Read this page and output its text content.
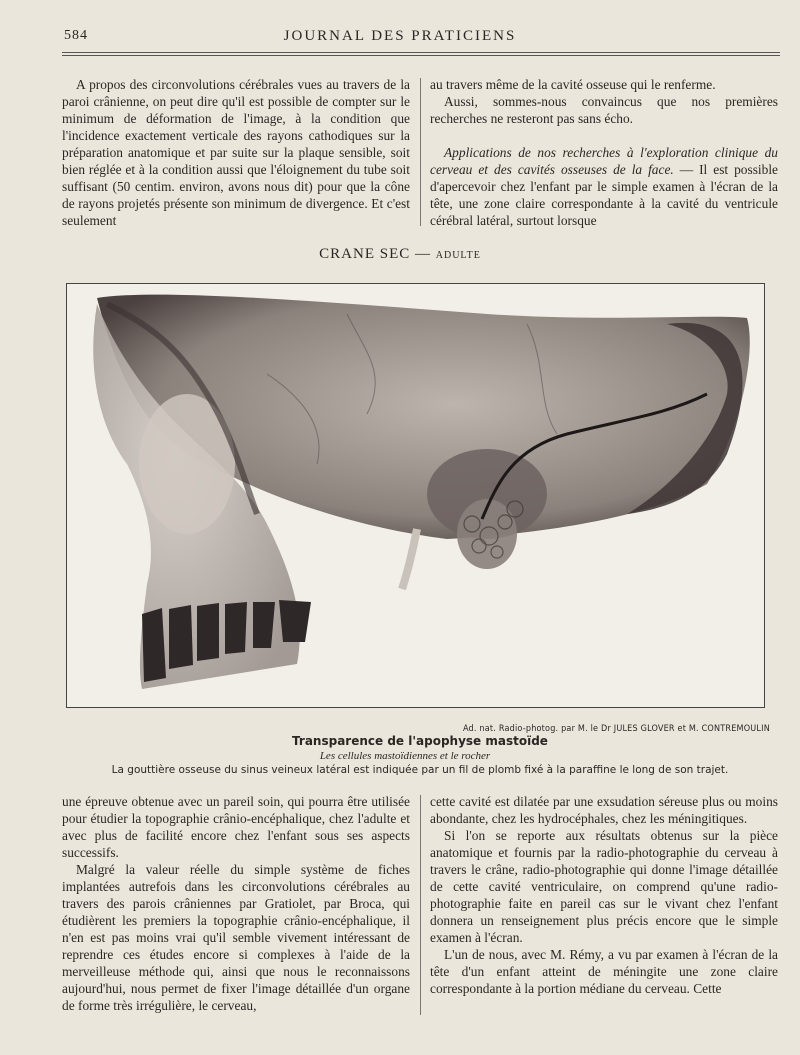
584	JOURNAL DES PRATICIENS

A propos des circonvolutions cérébrales vues au travers de la paroi crânienne, on peut dire qu'il est possible de compter sur le minimum de déformation de l'image, à la condition que l'incidence exactement verticale des rayons cathodiques sur la préparation anatomique et par suite sur la plaque sensible, soit bien réglée et à la condition aussi que l'éloignement du tube soit suffisant (50 centim. environ, avons nous dit) pour que la cône de rayons projetés présente son minimum de divergence. Et c'est seulement

au travers même de la cavité osseuse qui le renferme.

Aussi, sommes-nous convaincus que nos premières recherches ne resteront pas sans écho.

Applications de nos recherches à l'exploration clinique du cerveau et des cavités osseuses de la face. — Il est possible d'apercevoir chez l'enfant par le simple examen à l'écran de la tête, une zone claire correspondante à la cavité du ventricule cérébral latéral, surtout lorsque

CRANE SEC — ADULTE
Ad. nat. Radio-photog. par M. le Dr JULES GLOVER et M. CONTREMOULIN
Transparence de l'apophyse mastoïde
Les cellules mastoïdiennes et le rocher
La gouttière osseuse du sinus veineux latéral est indiquée par un fil de plomb fixé à la paraffine le long de son trajet.

une épreuve obtenue avec un pareil soin, qui pourra être utilisée pour étudier la topographie crânio-encéphalique, chez l'adulte et avec plus de facilité encore chez l'enfant sous ses aspects successifs.

Malgré la valeur réelle du simple système de fiches implantées autrefois dans les circonvolutions cérébrales au travers des parois crâniennes par Gratiolet, par Broca, qui étudièrent les premiers la topographie crânio-encéphalique, il n'en est pas moins vrai qu'il semble vivement intéressant de reprendre ces études encore si complexes à l'aide de la merveilleuse méthode qui, ainsi que nous le reconnaissons aujourd'hui, nous permet de fixer l'image détaillée d'un organe de forme très irrégulière, le cerveau,

cette cavité est dilatée par une exsudation séreuse plus ou moins abondante, chez les hydrocéphales, chez les méningitiques.

Si l'on se reporte aux résultats obtenus sur la pièce anatomique et fournis par la radio-photographie du cerveau à travers le crâne, radio-photographie qui donne l'image détaillée de cette cavité ventriculaire, on comprend qu'une radio-photographie faite en pareil cas sur le vivant chez l'enfant donnera un renseignement plus précis encore que le simple examen à l'écran.

L'un de nous, avec M. Rémy, a vu par examen à l'écran de la tête d'un enfant atteint de méningite une zone claire correspondante à la portion médiane du cerveau. Cette
